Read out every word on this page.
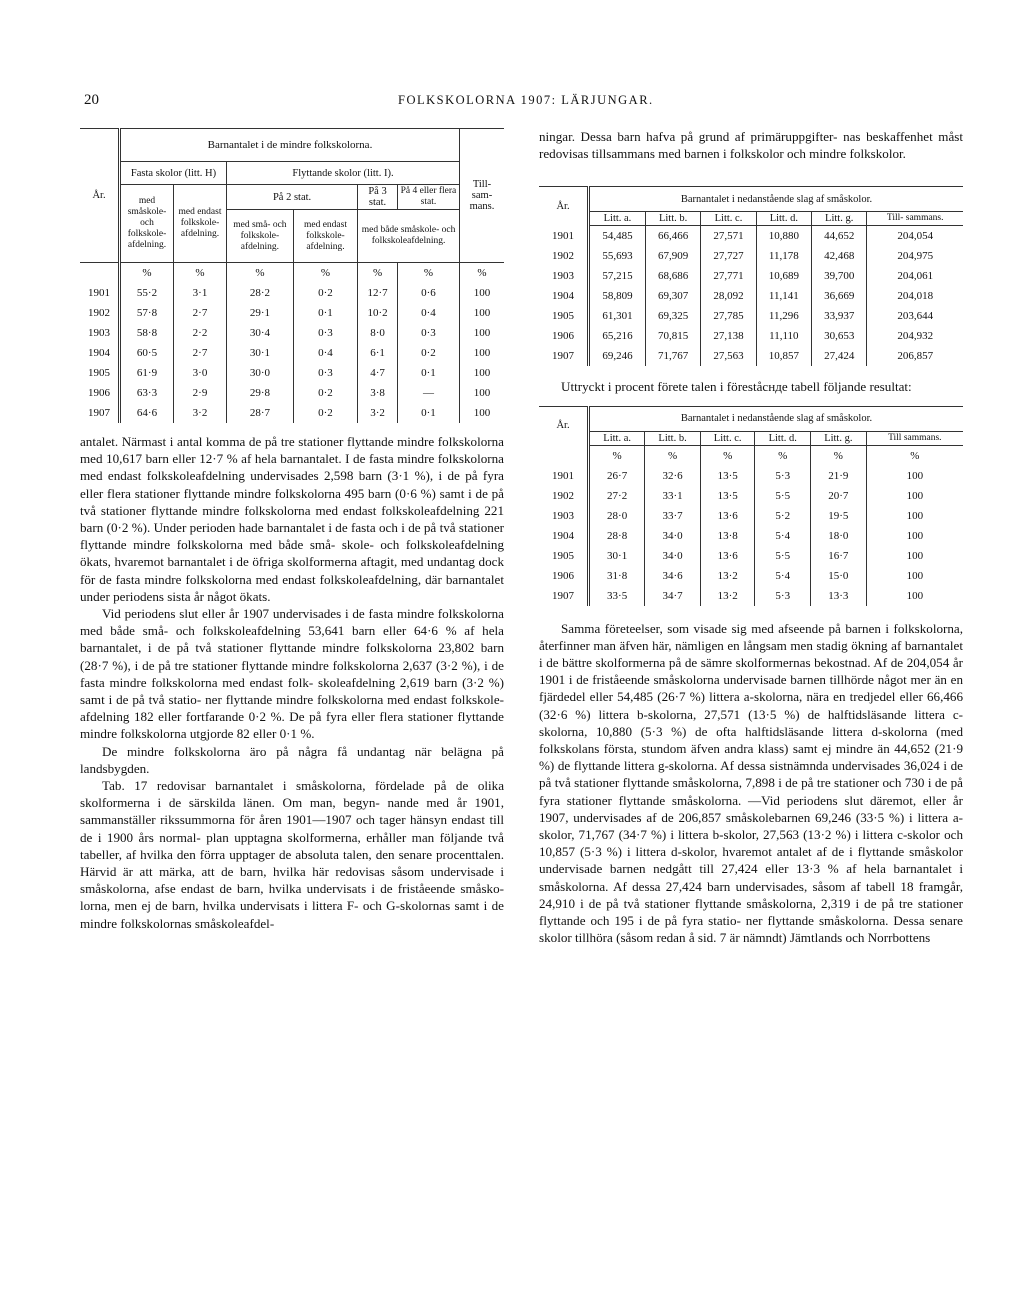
20	FOLKSKOLORNA 1907: LÄRJUNGAR.
År.	Barnantalet i de mindre folkskolorna.						Till- sam- mans.
	Fasta skolor (litt. H)		Flyttande skolor (litt. I).				
	med småskole- och folkskole- afdelning.	med endast folkskole- afdelning.	På 2 stat.		På 3 stat.	På 4 eller flera stat.	
			med små- och folkskole- afdelning.	med endast folkskole- afdelning.	med både småskole- och folkskoleafdelning.		
	%	%	%	%	%	%	%
1901	55·2	3·1	28·2	0·2	12·7	0·6	100
1902	57·8	2·7	29·1	0·1	10·2	0·4	100
1903	58·8	2·2	30·4	0·3	8·0	0·3	100
1904	60·5	2·7	30·1	0·4	6·1	0·2	100
1905	61·9	3·0	30·0	0·3	4·7	0·1	100
1906	63·3	2·9	29·8	0·2	3·8	—	100
1907	64·6	3·2	28·7	0·2	3·2	0·1	100

antalet. Närmast i antal komma de på tre stationer flyttande mindre folkskolorna med 10,617 barn eller 12·7 % af hela barnantalet. I de fasta mindre folkskolorna med endast folkskoleafdelning undervisades 2,598 barn (3·1 %), i de på fyra eller flera stationer flyttande mindre folkskolorna 495 barn (0·6 %) samt i de på två stationer flyttande mindre folkskolorna med endast folkskoleafdelning 221 barn (0·2 %). Under perioden hade barnantalet i de fasta och i de på två stationer flyttande mindre folkskolorna med både små- skole- och folkskoleafdelning ökats, hvaremot barnantalet i de öfriga skolformerna aftagit, med undantag dock för de fasta mindre folkskolorna med endast folkskoleafdelning, där barnantalet under periodens sista år något ökats.

Vid periodens slut eller år 1907 undervisades i de fasta mindre folkskolorna med både små- och folkskoleafdelning 53,641 barn eller 64·6 % af hela barnantalet, i de på två stationer flyttande mindre folkskolorna 23,802 barn (28·7 %), i de på tre stationer flyttande mindre folkskolorna 2,637 (3·2 %), i de fasta mindre folkskolorna med endast folk- skoleafdelning 2,619 barn (3·2 %) samt i de på två statio- ner flyttande mindre folkskolorna med endast folkskole- afdelning 182 eller fortfarande 0·2 %. De på fyra eller flera stationer flyttande mindre folkskolorna utgjorde 82 eller 0·1 %.

De mindre folkskolorna äro på några få undantag när belägna på landsbygden.

Tab. 17 redovisar barnantalet i småskolorna, fördelade på de olika skolformerna i de särskilda länen. Om man, begyn- nande med år 1901, sammanställer rikssummorna för åren 1901—1907 och tager hänsyn endast till de i 1900 års normal- plan upptagna skolformerna, erhåller man följande två tabeller, af hvilka den förra upptager de absoluta talen, den senare procenttalen. Härvid är att märka, att de barn, hvilka här redovisas såsom undervisade i småskolorna, afse endast de barn, hvilka undervisats i de friståeende småsko- lorna, men ej de barn, hvilka undervisats i littera F- och G-skolornas samt i de mindre folkskolornas småskoleafdel-

ningar. Dessa barn hafva på grund af primäruppgifter- nas beskaffenhet måst redovisas tillsammans med barnen i folkskolor och mindre folkskolor.

År.	Barnantalet i nedanstående slag af småskolor.					
	Litt. a.	Litt. b.	Litt. c.	Litt. d.	Litt. g.	Till- sammans.
1901	54,485	66,466	27,571	10,880	44,652	204,054
1902	55,693	67,909	27,727	11,178	42,468	204,975
1903	57,215	68,686	27,771	10,689	39,700	204,061
1904	58,809	69,307	28,092	11,141	36,669	204,018
1905	61,301	69,325	27,785	11,296	33,937	203,644
1906	65,216	70,815	27,138	11,110	30,653	204,932
1907	69,246	71,767	27,563	10,857	27,424	206,857

Uttryckt i procent förete talen i föreståснде tabell följande resultat:

År.	Barnantalet i nedanstående slag af småskolor.					
	Litt. a.	Litt. b.	Litt. c.	Litt. d.	Litt. g.	Till sammans.
	%	%	%	%	%	%
1901	26·7	32·6	13·5	5·3	21·9	100
1902	27·2	33·1	13·5	5·5	20·7	100
1903	28·0	33·7	13·6	5·2	19·5	100
1904	28·8	34·0	13·8	5·4	18·0	100
1905	30·1	34·0	13·6	5·5	16·7	100
1906	31·8	34·6	13·2	5·4	15·0	100
1907	33·5	34·7	13·2	5·3	13·3	100

Samma företeelser, som visade sig med afseende på barnen i folkskolorna, återfinner man äfven här, nämligen en långsam men stadig ökning af barnantalet i de bättre skolformerna på de sämre skolformernas bekostnad. Af de 204,054 år 1901 i de friståeende småskolorna undervisade barnen tillhörde något mer än en fjärdedel eller 54,485 (26·7 %) littera a-skolorna, nära en tredjedel eller 66,466 (32·6 %) littera b-skolorna, 27,571 (13·5 %) de halftidsläsande littera c-skolorna, 10,880 (5·3 %) de ofta halftidsläsande littera d-skolorna (med folkskolans första, stundom äfven andra klass) samt ej mindre än 44,652 (21·9 %) de flyttande littera g-skolorna. Af dessa sistnämnda undervisades 36,024 i de på två stationer flyttande småskolorna, 7,898 i de på tre stationer och 730 i de på fyra stationer flyttande småskolorna. —Vid periodens slut däremot, eller år 1907, undervisades af de 206,857 småskolebarnen 69,246 (33·5 %) i littera a-skolor, 71,767 (34·7 %) i littera b-skolor, 27,563 (13·2 %) i littera c-skolor och 10,857 (5·3 %) i littera d-skolor, hvaremot antalet af de i flyttande småskolor undervisade barnen nedgått till 27,424 eller 13·3 % af hela barnantalet i småskolorna. Af dessa 27,424 barn undervisades, såsom af tabell 18 framgår, 24,910 i de på två stationer flyttande småskolorna, 2,319 i de på tre stationer flyttande och 195 i de på fyra statio- ner flyttande småskolorna. Dessa senare skolor tillhöra (såsom redan å sid. 7 är nämndt) Jämtlands och Norrbottens
